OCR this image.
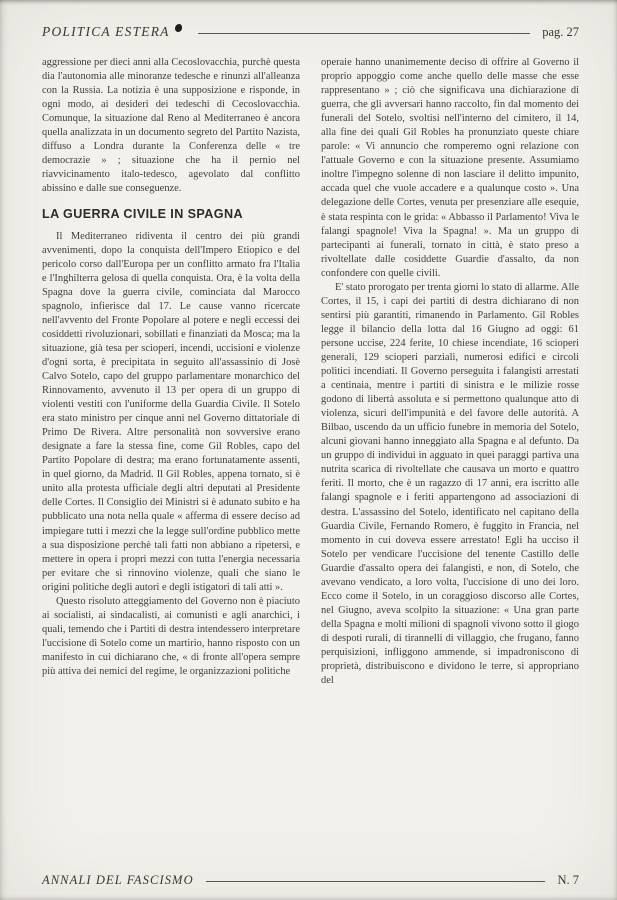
POLITICA ESTERA	pag. 27

aggressione per dieci anni alla Cecoslovacchia, purchè questa dia l'autonomia alle minoranze tedesche e rinunzi all'alleanza con la Russia. La notizia è una supposizione e risponde, in ogni modo, ai desideri dei tedeschi di Cecoslovacchia. Comunque, la situazione dal Reno al Mediterraneo è ancora quella analizzata in un documento segreto del Partito Nazista, diffuso a Londra durante la Conferenza delle « tre democrazie » ; situazione che ha il pernio nel riavvicinamento italo-tedesco, agevolato dal conflitto abissino e dalle sue conseguenze.

LA GUERRA CIVILE IN SPAGNA

Il Mediterraneo ridiventa il centro dei più grandi avvenimenti, dopo la conquista dell'Impero Etiopico e del pericolo corso dall'Europa per un conflitto armato fra l'Italia e l'Inghilterra gelosa di quella conquista. Ora, è la volta della Spagna dove la guerra civile, cominciata dal Marocco spagnolo, infierisce dal 17. Le cause vanno ricercate nell'avvento del Fronte Popolare al potere e negli eccessi dei cosiddetti rivoluzionari, sobillati e finanziati da Mosca; ma la situazione, già tesa per scioperi, incendi, uccisioni e violenze d'ogni sorta, è precipitata in seguito all'assassinio di Josè Calvo Sotelo, capo del gruppo parlamentare monarchico del Rinnovamento, avvenuto il 13 per opera di un gruppo di violenti vestiti con l'uniforme della Guardia Civile. Il Sotelo era stato ministro per cinque anni nel Governo dittatoriale di Primo De Rivera. Altre personalità non sovversive erano designate a fare la stessa fine, come Gil Robles, capo del Partito Popolare di destra; ma erano fortunatamente assenti, in quel giorno, da Madrid. Il Gil Robles, appena tornato, si è unito alla protesta ufficiale degli altri deputati al Presidente delle Cortes. Il Consiglio dei Ministri si è adunato subito e ha pubblicato una nota nella quale « afferma di essere deciso ad impiegare tutti i mezzi che la legge sull'ordine pubblico mette a sua disposizione perchè tali fatti non abbiano a ripetersi, e mettere in opera i propri mezzi con tutta l'energia necessaria per evitare che si rinnovino violenze, quali che siano le origini politiche degli autori e degli istigatori di tali atti ».

Questo risoluto atteggiamento del Governo non è piaciuto ai socialisti, ai sindacalisti, ai comunisti e agli anarchici, i quali, temendo che i Partiti di destra intendessero interpretare l'uccisione di Sotelo come un martirio, hanno risposto con un manifesto in cui dichiarano che, « di fronte all'opera sempre più attiva dei nemici del regime, le organizzazioni politiche

operaie hanno unanimemente deciso di offrire al Governo il proprio appoggio come anche quello delle masse che esse rappresentano » ; ciò che significava una dichiarazione di guerra, che gli avversari hanno raccolto, fin dal momento dei funerali del Sotelo, svoltisi nell'interno del cimitero, il 14, alla fine dei quali Gil Robles ha pronunziato queste chiare parole: « Vi annuncio che romperemo ogni relazione con l'attuale Governo e con la situazione presente. Assumiamo inoltre l'impegno solenne di non lasciare il delitto impunito, accada quel che vuole accadere e a qualunque costo ». Una delegazione delle Cortes, venuta per presenziare alle esequie, è stata respinta con le grida: « Abbasso il Parlamento! Viva le falangi spagnole! Viva la Spagna! ». Ma un gruppo di partecipanti ai funerali, tornato in città, è stato preso a rivoltellate dalle cosiddette Guardie d'assalto, da non confondere con quelle civili.

E' stato prorogato per trenta giorni lo stato di allarme. Alle Cortes, il 15, i capi dei partiti di destra dichiarano di non sentirsi più garantiti, rimanendo in Parlamento. Gil Robles legge il bilancio della lotta dal 16 Giugno ad oggi: 61 persone uccise, 224 ferite, 10 chiese incendiate, 16 scioperi generali, 129 scioperi parziali, numerosi edifici e circoli politici incendiati. Il Governo perseguita i falangisti arrestati a centinaia, mentre i partiti di sinistra e le milizie rosse godono di libertà assoluta e si permettono qualunque atto di violenza, sicuri dell'impunità e del favore delle autorità. A Bilbao, uscendo da un ufficio funebre in memoria del Sotelo, alcuni giovani hanno inneggiato alla Spagna e al defunto. Da un gruppo di individui in agguato in quei paraggi partiva una nutrita scarica di rivoltellate che causava un morto e quattro feriti. Il morto, che è un ragazzo di 17 anni, era iscritto alle falangi spagnole e i feriti appartengono ad associazioni di destra. L'assassino del Sotelo, identificato nel capitano della Guardia Civile, Fernando Romero, è fuggito in Francia, nel momento in cui doveva essere arrestato! Egli ha ucciso il Sotelo per vendicare l'uccisione del tenente Castillo delle Guardie d'assalto opera dei falangisti, e non, di Sotelo, che avevano vendicato, a loro volta, l'uccisione di uno dei loro. Ecco come il Sotelo, in un coraggioso discorso alle Cortes, nel Giugno, aveva scolpito la situazione: « Una gran parte della Spagna e molti milioni di spagnoli vivono sotto il giogo di despoti rurali, di tirannelli di villaggio, che frugano, fanno perquisizioni, infliggono ammende, si impadroniscono di proprietà, distribuiscono e dividono le terre, si appropriano del

ANNALI DEL FASCISMO	N. 7
